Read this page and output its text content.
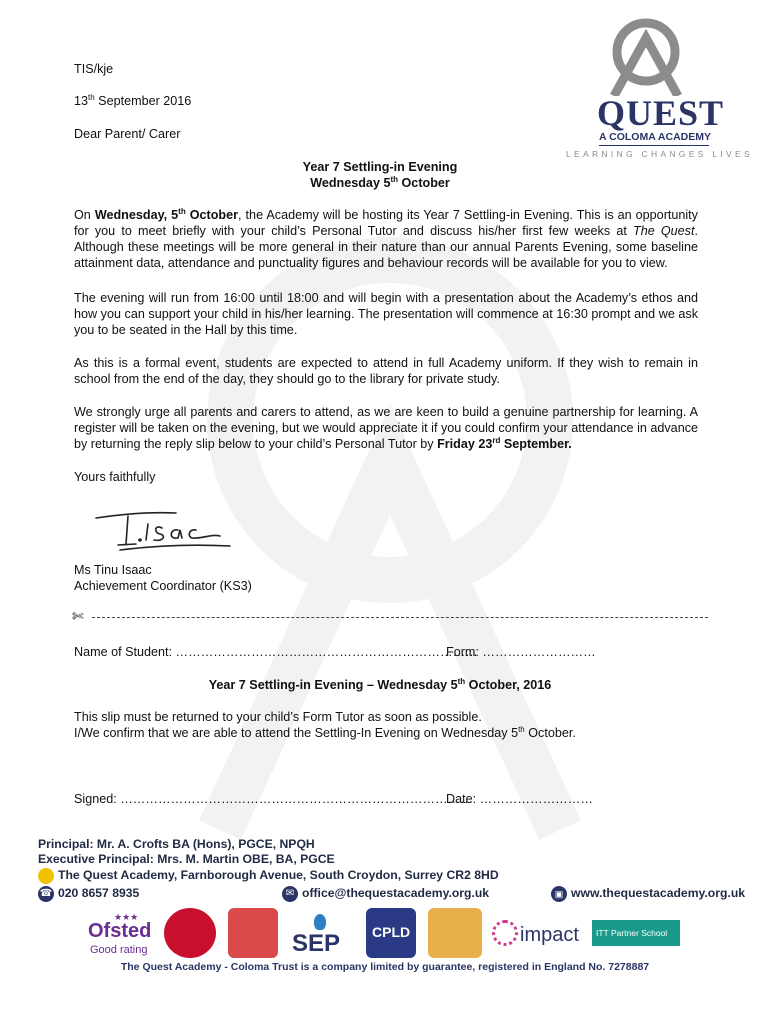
QUEST
A COLOMA ACADEMY
LEARNING CHANGES LIVES
TIS/kje
13th September 2016
Dear Parent/ Carer
Year 7 Settling-in Evening
Wednesday 5th October
On Wednesday, 5th October, the Academy will be hosting its Year 7 Settling-in Evening. This is an opportunity for you to meet briefly with your child’s Personal Tutor and discuss his/her first few weeks at The Quest. Although these meetings will be more general in their nature than our annual Parents Evening, some baseline attainment data, attendance and punctuality figures and behaviour records will be available for you to view.
The evening will run from 16:00 until 18:00 and will begin with a presentation about the Academy’s ethos and how you can support your child in his/her learning. The presentation will commence at 16:30 prompt and we ask you to be seated in the Hall by this time.
As this is a formal event, students are expected to attend in full Academy uniform. If they wish to remain in school from the end of the day, they should go to the library for private study.
We strongly urge all parents and carers to attend, as we are keen to build a genuine partnership for learning. A register will be taken on the evening, but we would appreciate it if you could confirm your attendance in advance by returning the reply slip below to your child’s Personal Tutor by Friday 23rd September.
Yours faithfully
Ms Tinu Isaac
Achievement Coordinator (KS3)
✄
Name of Student: ………………………………………………………………
Form: ………………………
Year 7 Settling-in Evening – Wednesday 5th October, 2016
This slip must be returned to your child’s Form Tutor as soon as possible.
I/We confirm that we are able to attend the Settling-In Evening on Wednesday 5th October.
Signed: …………………………………………………………………………
Date: ………………………
Principal: Mr. A. Crofts BA (Hons), PGCE, NPQH
Executive Principal: Mrs. M. Martin OBE, BA, PGCE
The Quest Academy, Farnborough Avenue, South Croydon, Surrey CR2 8HD
☎ 020 8657 8935	✉ office@thequestacademy.org.uk	▣ www.thequestacademy.org.uk
★★★
Ofsted
Good rating	SEP CPLD	impact ITT Partner School
The Quest Academy - Coloma Trust is a company limited by guarantee, registered in England No. 7278887
